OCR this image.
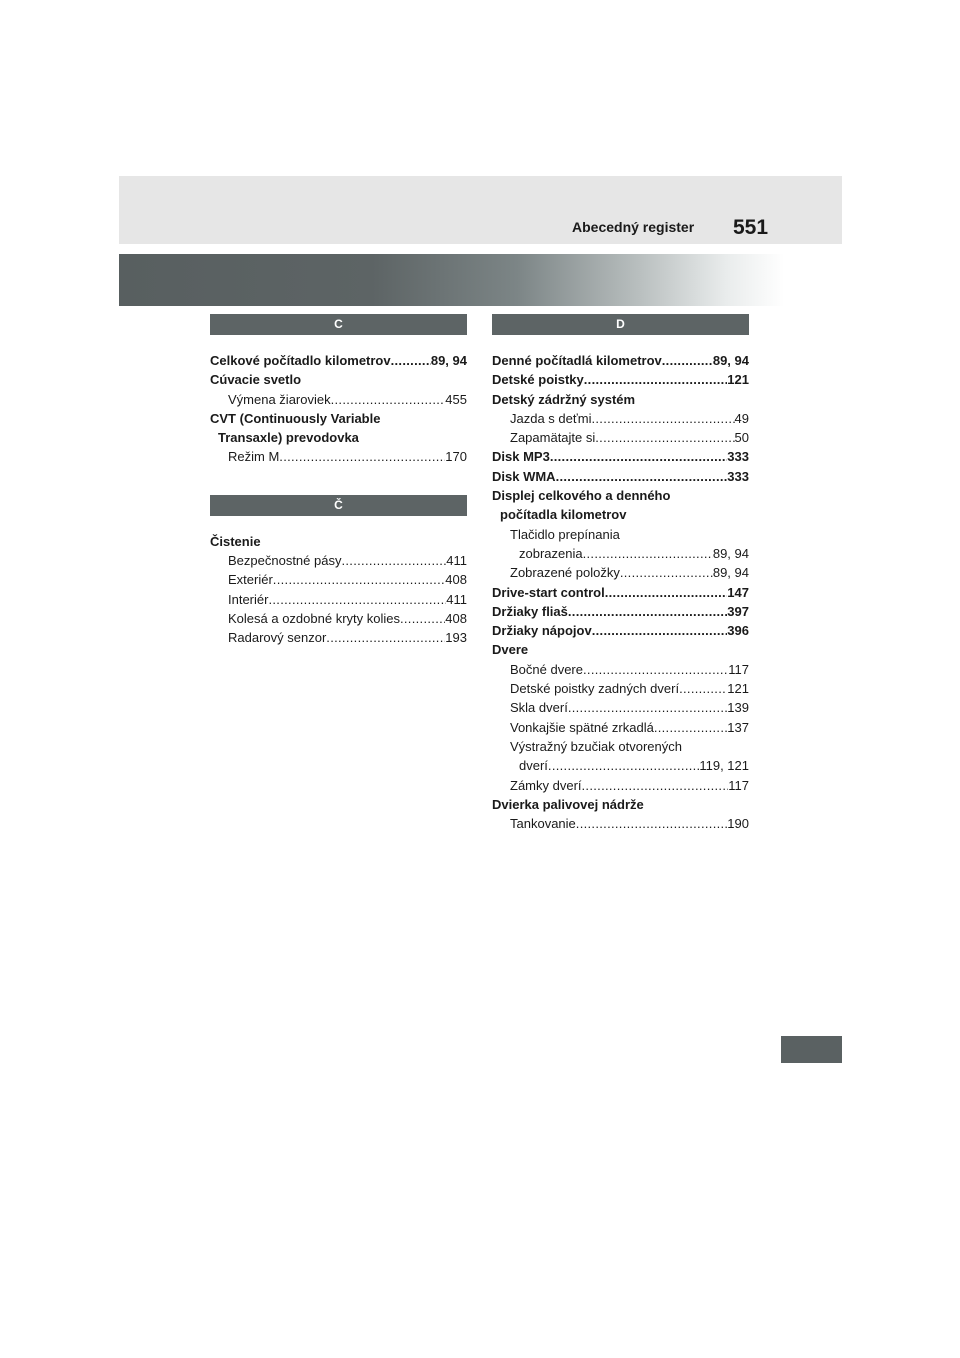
Abecedný register 551
C
Celkové počítadlo kilometrov .....	89, 94
Cúvacie svetlo
Výmena žiaroviek .....	455
CVT (Continuously Variable
Transaxle) prevodovka
Režim M .....	170
Č
Čistenie
Bezpečnostné pásy .....	411
Exteriér .....	408
Interiér .....	411
Kolesá a ozdobné kryty kolies .....	408
Radarový senzor .....	193
D
Denné počítadlá kilometrov .....	89, 94
Detské poistky .....	121
Detský zádržný systém
Jazda s deťmi .....	49
Zapamätajte si .....	50
Disk MP3 .....	333
Disk WMA .....	333
Displej celkového a denného
počítadla kilometrov
Tlačidlo prepínania
zobrazenia .....	89, 94
Zobrazené položky .....	89, 94
Drive-start control .....	147
Držiaky fliaš .....	397
Držiaky nápojov .....	396
Dvere
Bočné dvere .....	117
Detské poistky zadných dverí .....	121
Skla dverí .....	139
Vonkajšie spätné zrkadlá .....	137
Výstražný bzučiak otvorených
dverí .....	119, 121
Zámky dverí .....	117
Dvierka palivovej nádrže
Tankovanie .....	190
